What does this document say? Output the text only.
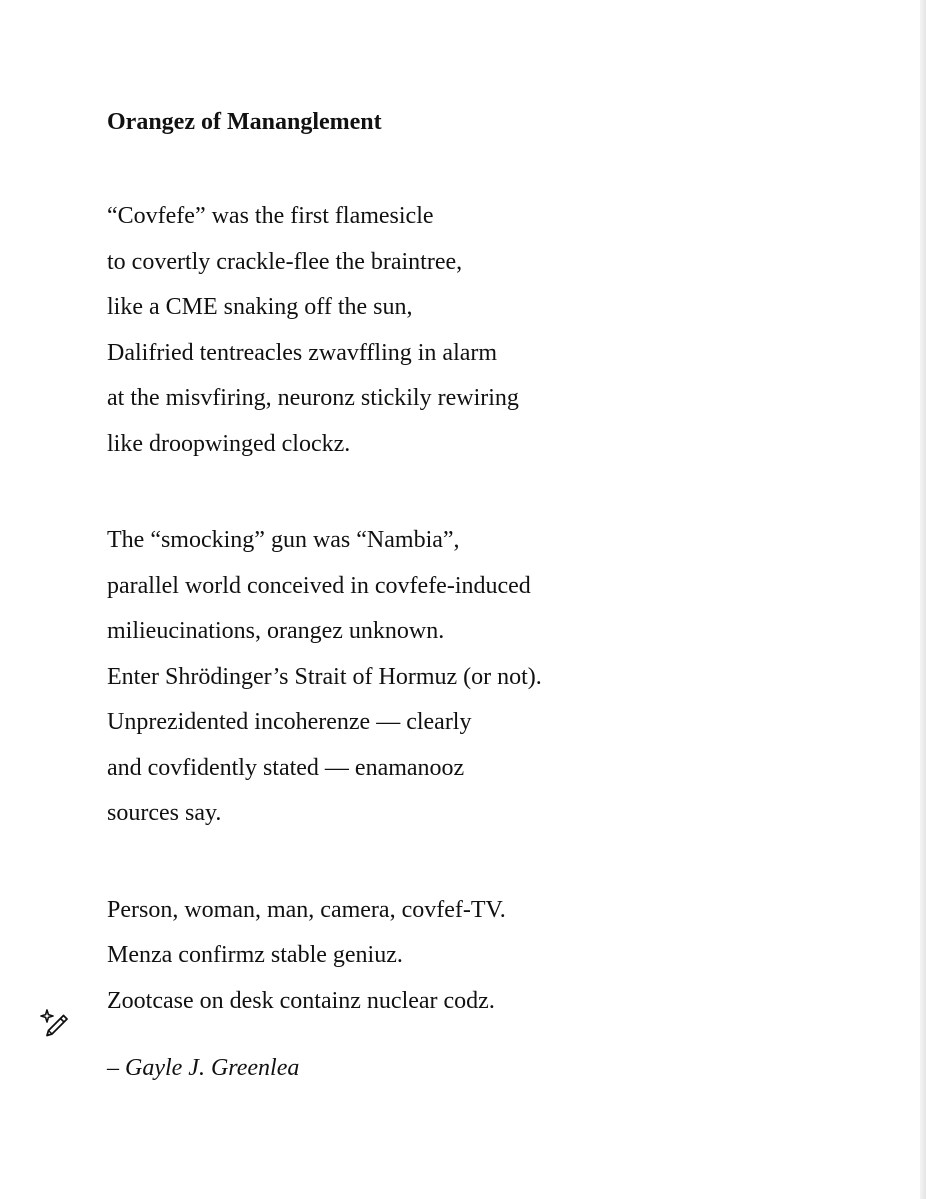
Orangez of Mananglement
“Covfefe” was the first flamesicle
to covertly crackle-flee the braintree,
like a CME snaking off the sun,
Dalifried tentreacles zwavffling in alarm
at the misvfiring, neuronz stickily rewiring
like droopwinged clockz.
The “smocking” gun was “Nambia”,
parallel world conceived in covfefe-induced
milieucinations, orangez unknown.
Enter Shrödinger’s Strait of Hormuz (or not).
Unprezidented incoherenze — clearly
and covfidently stated — enamanooz
sources say.
Person, woman, man, camera, covfef-TV.
Menza confirmz stable geniuz.
Zootcase on desk containz nuclear codz.
– Gayle J. Greenlea
